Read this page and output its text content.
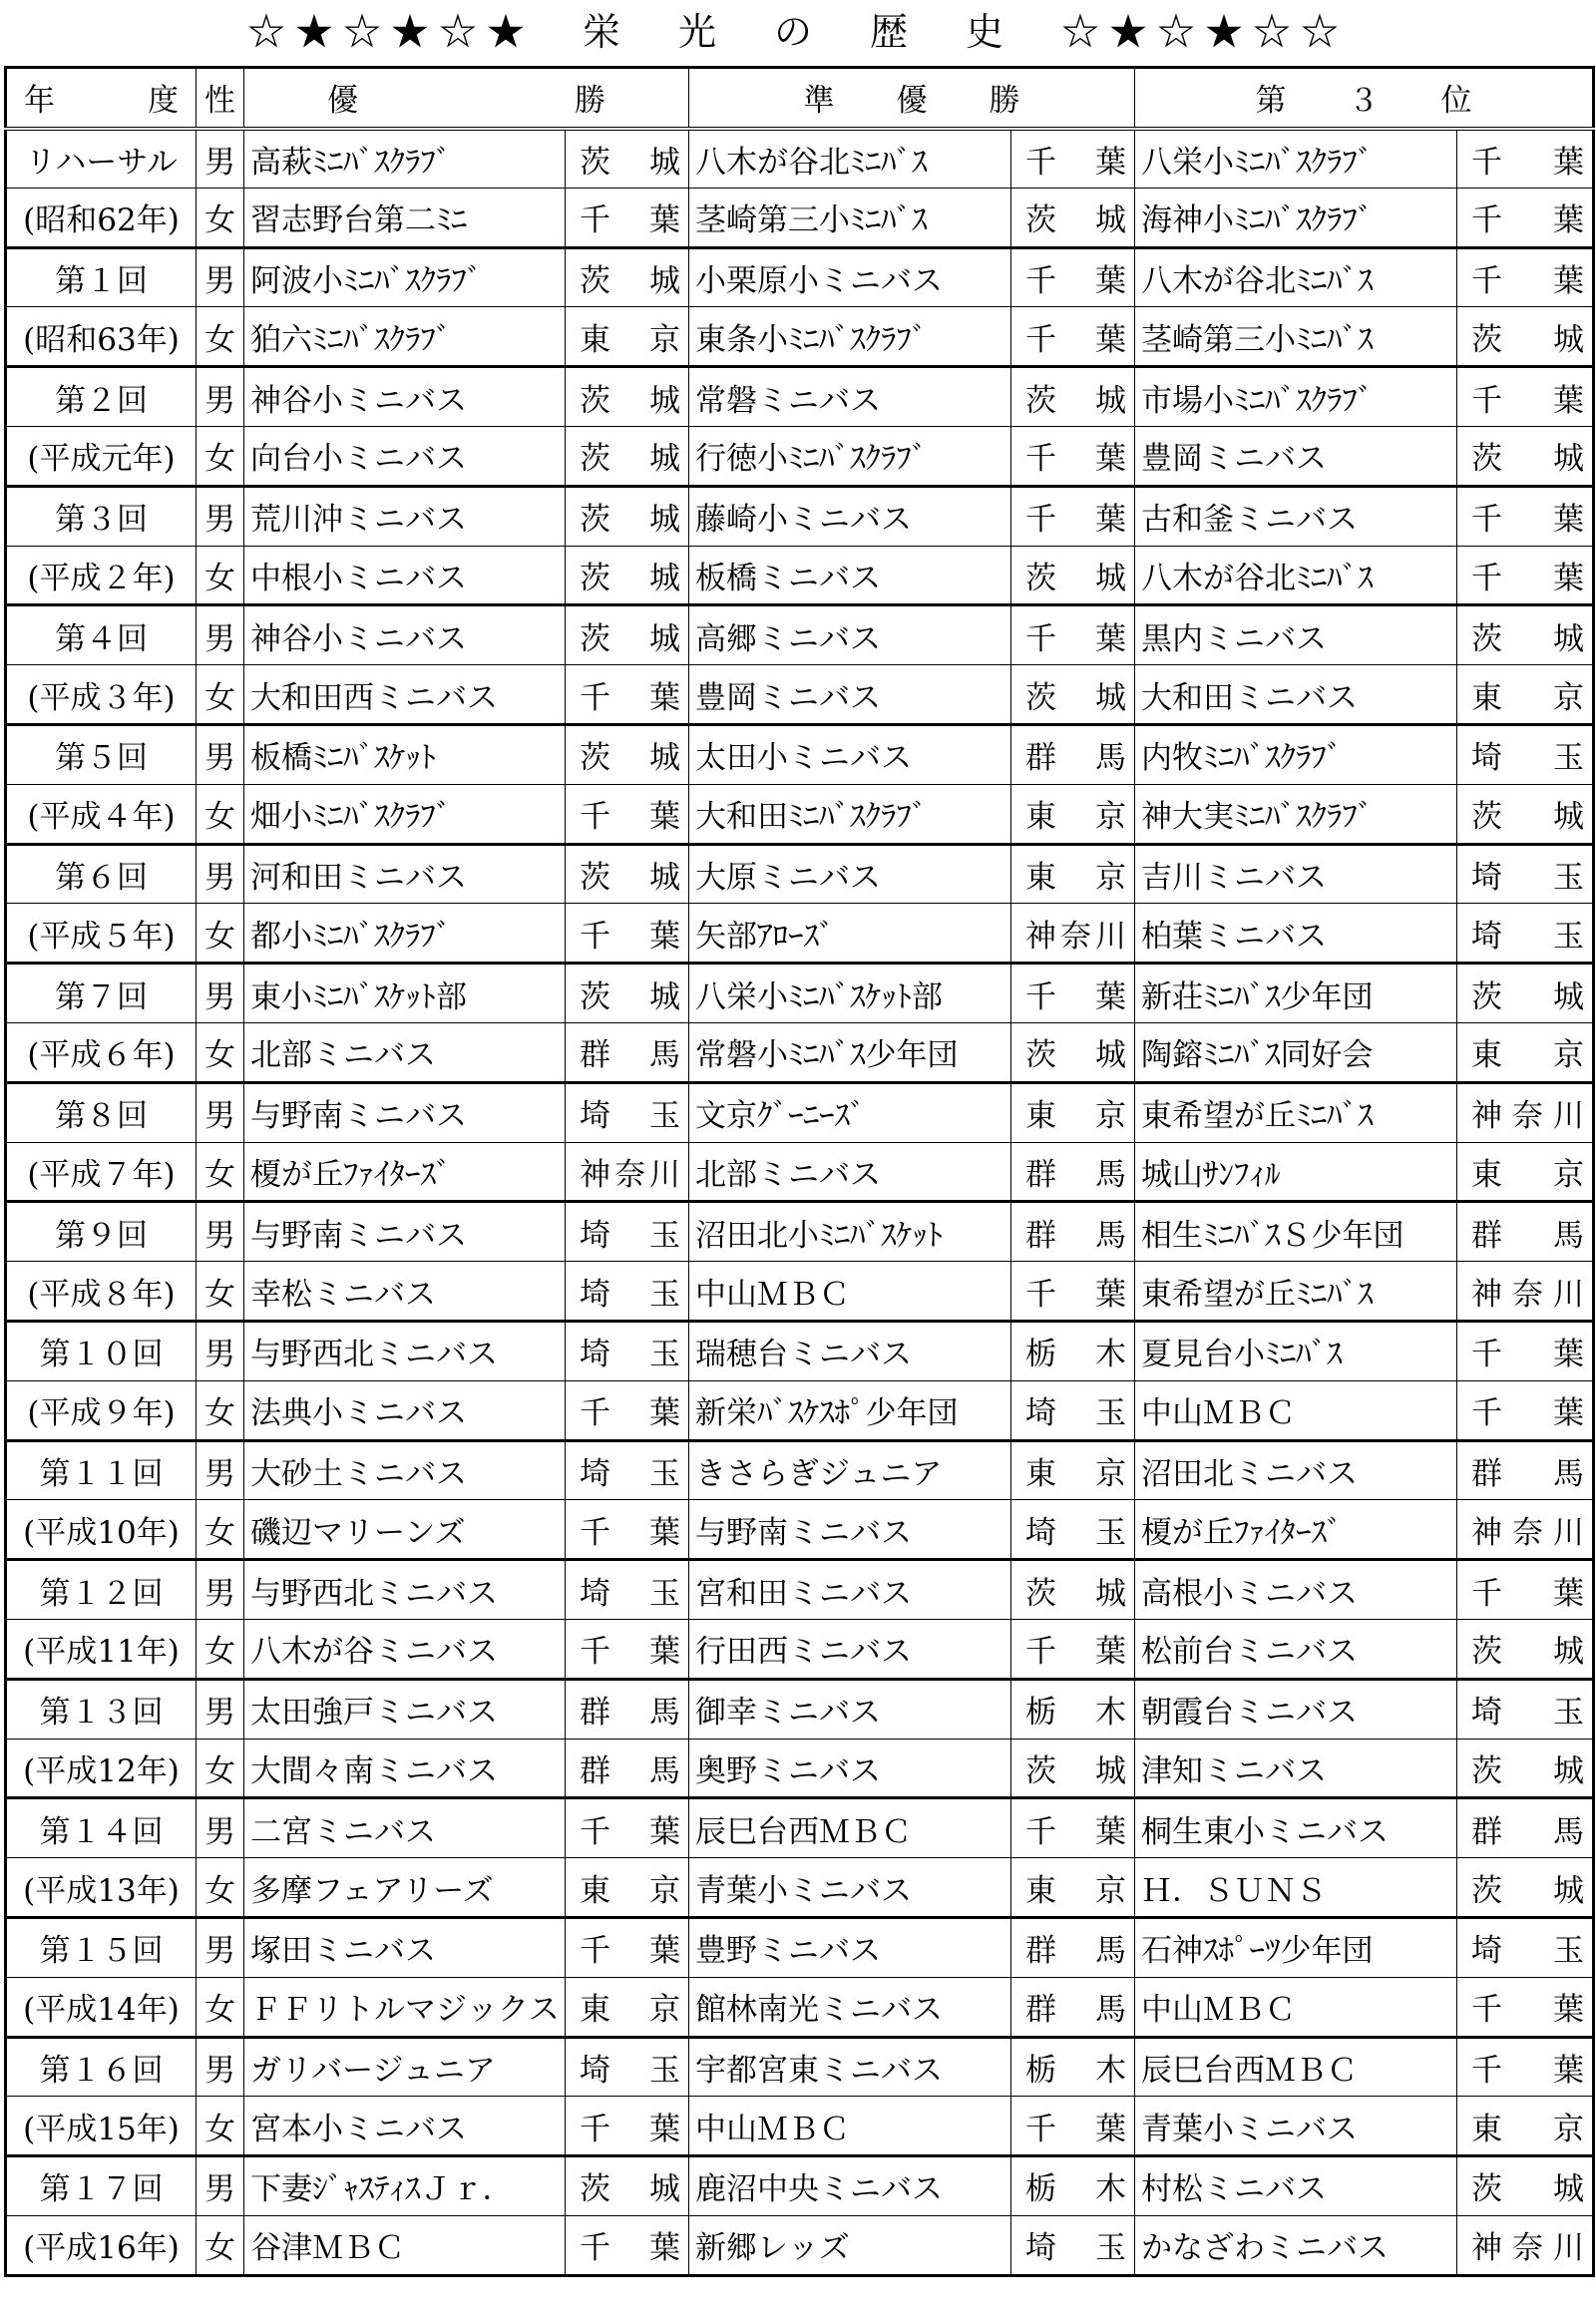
☆★☆★☆★　栄　光　の　歴　史　☆★☆★☆☆
年　　　度	性	優　　　　　　　勝		準　　優　　勝		第　　３　　位	
リハーサル	男	高萩ﾐﾆﾊﾞｽｸﾗﾌﾞ	茨城	八木が谷北ﾐﾆﾊﾞｽ	千葉	八栄小ﾐﾆﾊﾞｽｸﾗﾌﾞ	千葉
(昭和62年)	女	習志野台第二ﾐﾆ	千葉	茎崎第三小ﾐﾆﾊﾞｽ	茨城	海神小ﾐﾆﾊﾞｽｸﾗﾌﾞ	千葉
第１回	男	阿波小ﾐﾆﾊﾞｽｸﾗﾌﾞ	茨城	小栗原小ミニバス	千葉	八木が谷北ﾐﾆﾊﾞｽ	千葉
(昭和63年)	女	狛六ﾐﾆﾊﾞｽｸﾗﾌﾞ	東京	東条小ﾐﾆﾊﾞｽｸﾗﾌﾞ	千葉	茎崎第三小ﾐﾆﾊﾞｽ	茨城
第２回	男	神谷小ミニバス	茨城	常磐ミニバス	茨城	市場小ﾐﾆﾊﾞｽｸﾗﾌﾞ	千葉
(平成元年)	女	向台小ミニバス	茨城	行徳小ﾐﾆﾊﾞｽｸﾗﾌﾞ	千葉	豊岡ミニバス	茨城
第３回	男	荒川沖ミニバス	茨城	藤崎小ミニバス	千葉	古和釜ミニバス	千葉
(平成２年)	女	中根小ミニバス	茨城	板橋ミニバス	茨城	八木が谷北ﾐﾆﾊﾞｽ	千葉
第４回	男	神谷小ミニバス	茨城	高郷ミニバス	千葉	黒内ミニバス	茨城
(平成３年)	女	大和田西ミニバス	千葉	豊岡ミニバス	茨城	大和田ミニバス	東京
第５回	男	板橋ﾐﾆﾊﾞｽｹｯﾄ	茨城	太田小ミニバス	群馬	内牧ﾐﾆﾊﾞｽｸﾗﾌﾞ	埼玉
(平成４年)	女	畑小ﾐﾆﾊﾞｽｸﾗﾌﾞ	千葉	大和田ﾐﾆﾊﾞｽｸﾗﾌﾞ	東京	神大実ﾐﾆﾊﾞｽｸﾗﾌﾞ	茨城
第６回	男	河和田ミニバス	茨城	大原ミニバス	東京	吉川ミニバス	埼玉
(平成５年)	女	都小ﾐﾆﾊﾞｽｸﾗﾌﾞ	千葉	矢部ｱﾛｰｽﾞ	神奈川	柏葉ミニバス	埼玉
第７回	男	東小ﾐﾆﾊﾞｽｹｯﾄ部	茨城	八栄小ﾐﾆﾊﾞｽｹｯﾄ部	千葉	新荘ﾐﾆﾊﾞｽ少年団	茨城
(平成６年)	女	北部ミニバス	群馬	常磐小ﾐﾆﾊﾞｽ少年団	茨城	陶鎔ﾐﾆﾊﾞｽ同好会	東京
第８回	男	与野南ミニバス	埼玉	文京ｸﾞｰﾆｰｽﾞ	東京	東希望が丘ﾐﾆﾊﾞｽ	神奈川
(平成７年)	女	榎が丘ﾌｧｲﾀｰｽﾞ	神奈川	北部ミニバス	群馬	城山ｻﾝﾌｨﾙ	東京
第９回	男	与野南ミニバス	埼玉	沼田北小ﾐﾆﾊﾞｽｹｯﾄ	群馬	相生ﾐﾆﾊﾞｽＳ少年団	群馬
(平成８年)	女	幸松ミニバス	埼玉	中山ＭＢＣ	千葉	東希望が丘ﾐﾆﾊﾞｽ	神奈川
第１０回	男	与野西北ミニバス	埼玉	瑞穂台ミニバス	栃木	夏見台小ﾐﾆﾊﾞｽ	千葉
(平成９年)	女	法典小ミニバス	千葉	新栄ﾊﾞｽｹｽﾎﾟ少年団	埼玉	中山ＭＢＣ	千葉
第１１回	男	大砂土ミニバス	埼玉	きさらぎジュニア	東京	沼田北ミニバス	群馬
(平成10年)	女	磯辺マリーンズ	千葉	与野南ミニバス	埼玉	榎が丘ﾌｧｲﾀｰｽﾞ	神奈川
第１２回	男	与野西北ミニバス	埼玉	宮和田ミニバス	茨城	高根小ミニバス	千葉
(平成11年)	女	八木が谷ミニバス	千葉	行田西ミニバス	千葉	松前台ミニバス	茨城
第１３回	男	太田強戸ミニバス	群馬	御幸ミニバス	栃木	朝霞台ミニバス	埼玉
(平成12年)	女	大間々南ミニバス	群馬	奥野ミニバス	茨城	津知ミニバス	茨城
第１４回	男	二宮ミニバス	千葉	辰巳台西ＭＢＣ	千葉	桐生東小ミニバス	群馬
(平成13年)	女	多摩フェアリーズ	東京	青葉小ミニバス	東京	Ｈ．ＳＵＮＳ	茨城
第１５回	男	塚田ミニバス	千葉	豊野ミニバス	群馬	石神ｽﾎﾟｰﾂ少年団	埼玉
(平成14年)	女	ＦＦリトルマジックス	東京	館林南光ミニバス	群馬	中山ＭＢＣ	千葉
第１６回	男	ガリバージュニア	埼玉	宇都宮東ミニバス	栃木	辰巳台西ＭＢＣ	千葉
(平成15年)	女	宮本小ミニバス	千葉	中山ＭＢＣ	千葉	青葉小ミニバス	東京
第１７回	男	下妻ｼﾞｬｽﾃｨｽＪｒ．	茨城	鹿沼中央ミニバス	栃木	村松ミニバス	茨城
(平成16年)	女	谷津ＭＢＣ	千葉	新郷レッズ	埼玉	かなざわミニバス	神奈川
